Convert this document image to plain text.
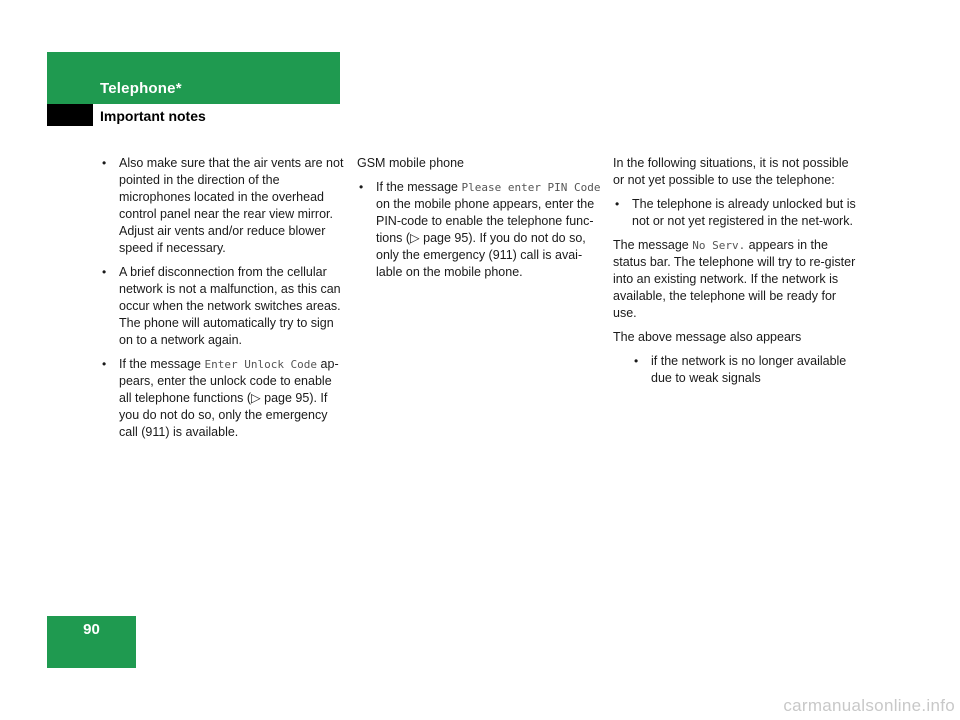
Telephone*
Important notes
• Also make sure that the air vents are not pointed in the direction of the microphones located in the overhead control panel near the rear view mirror. Adjust air vents and/or reduce blower speed if necessary.
• A brief disconnection from the cellular network is not a malfunction, as this can occur when the network switches areas. The phone will automatically try to sign on to a network again.
• If the message Enter Unlock Code ap-pears, enter the unlock code to enable all telephone functions (▷ page 95). If you do not do so, only the emergency call (911) is available.

GSM mobile phone

• If the message Please enter PIN Code on the mobile phone appears, enter the PIN-code to enable the telephone func-tions (▷ page 95). If you do not do so, only the emergency (911) call is avai-lable on the mobile phone.

In the following situations, it is not possible or not yet possible to use the telephone:

• The telephone is already unlocked but is not or not yet registered in the net-work.

The message No Serv. appears in the status bar. The telephone will try to re-gister into an existing network. If the network is available, the telephone will be ready for use.

The above message also appears

• if the network is no longer available due to weak signals
90
carmanualsonline.info
